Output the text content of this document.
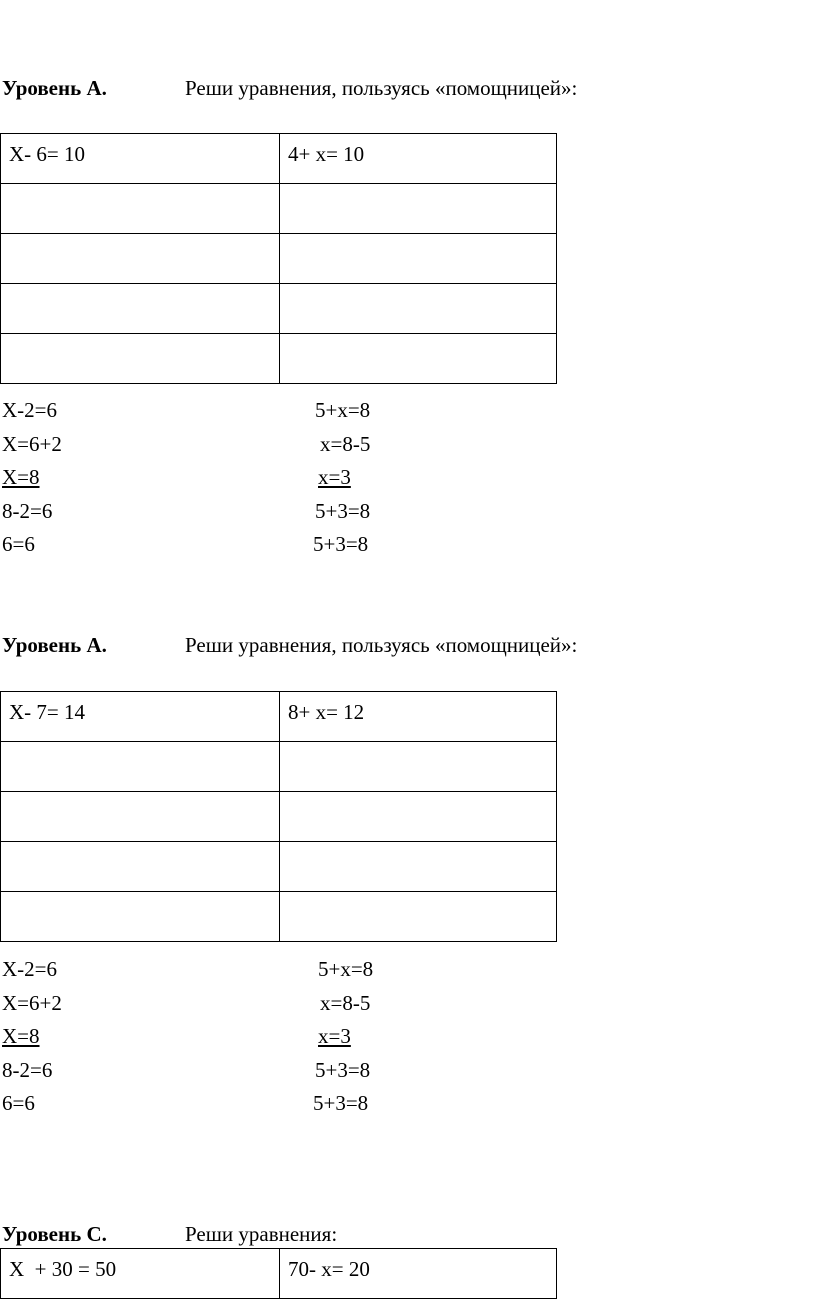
Уровень А.	Реши уравнения, пользуясь «помощницей»:
Х- 6= 10	4+ х= 10

Х-2=6	5+х=8
Х=6+2	х=8-5
Х=8	х=3
8-2=6	5+3=8
6=6	5+3=8
Уровень А.	Реши уравнения, пользуясь «помощницей»:
Х- 7= 14	8+ х= 12

Х-2=6	5+х=8
Х=6+2	х=8-5
Х=8	х=3
8-2=6	5+3=8
6=6	5+3=8
Уровень С.	Реши уравнения:
Х  + 30 = 50	70- х= 20
